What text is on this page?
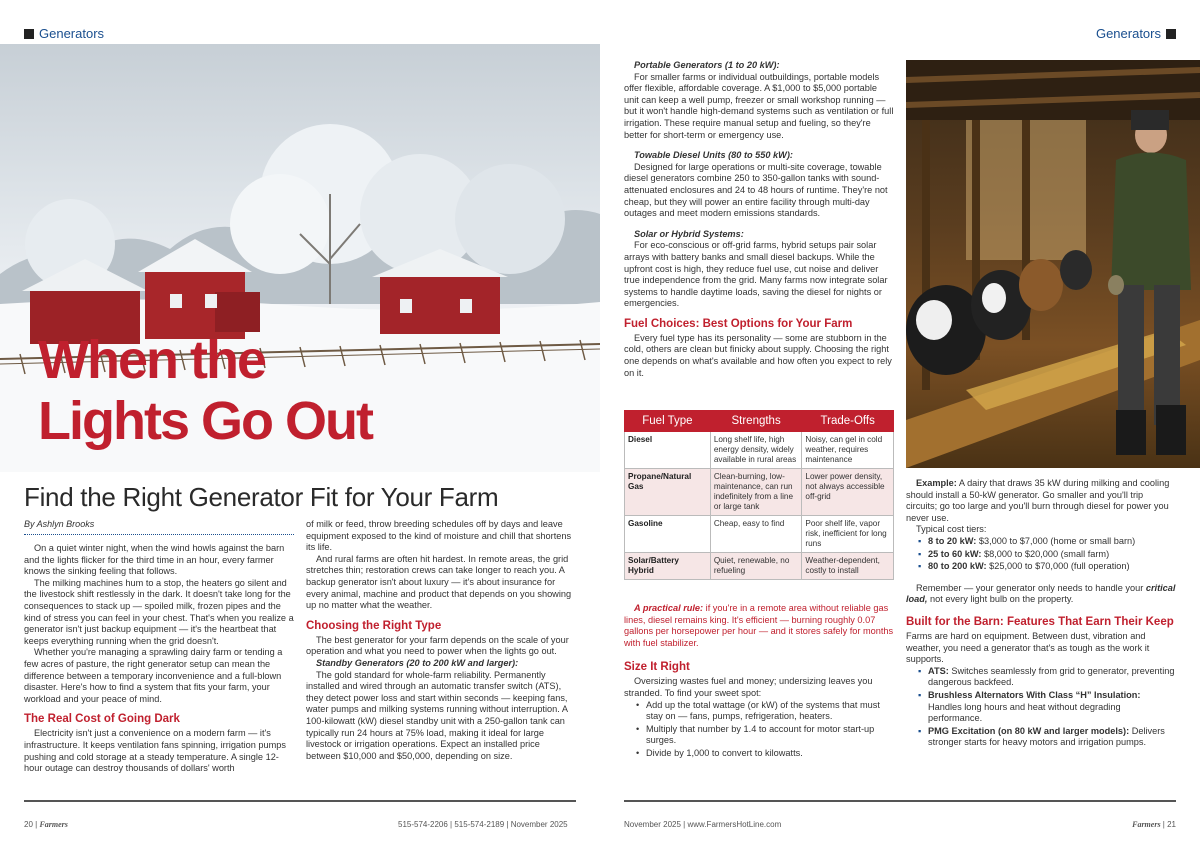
Generators
When the
Lights Go Out
Find the Right Generator Fit for Your Farm
By Ashlyn Brooks

On a quiet winter night, when the wind howls against the barn and the lights flicker for the third time in an hour, every farmer knows the sinking feeling that follows.

The milking machines hum to a stop, the heaters go silent and the livestock shift restlessly in the dark. It doesn't take long for the consequences to stack up — spoiled milk, frozen pipes and the kind of stress you can feel in your chest. That's when you realize a generator isn't just backup equipment — it's the heartbeat that keeps everything running when the grid doesn't.

Whether you're managing a sprawling dairy farm or tending a few acres of pasture, the right generator setup can mean the difference between a temporary inconvenience and a full-blown disaster. Here's how to find a system that fits your farm, your workload and your peace of mind.

The Real Cost of Going Dark

Electricity isn't just a convenience on a modern farm — it's infrastructure. It keeps ventilation fans spinning, irrigation pumps pushing and cold storage at a steady temperature. A single 12-hour outage can destroy thousands of dollars' worth

of milk or feed, throw breeding schedules off by days and leave equipment exposed to the kind of moisture and chill that shortens its life.

And rural farms are often hit hardest. In remote areas, the grid stretches thin; restoration crews can take longer to reach you. A backup generator isn't about luxury — it's about insurance for every animal, machine and product that depends on you showing up no matter what the weather.

Choosing the Right Type

The best generator for your farm depends on the scale of your operation and what you need to power when the lights go out.

Standby Generators (20 to 200 kW and larger):

The gold standard for whole-farm reliability. Permanently installed and wired through an automatic transfer switch (ATS), they detect power loss and start within seconds — keeping fans, water pumps and milking systems running without interruption. A 100-kilowatt (kW) diesel standby unit with a 250-gallon tank can typically run 24 hours at 75% load, making it ideal for large livestock or irrigation operations. Expect an installed price between $10,000 and $50,000, depending on size.

20 | Farmers	515-574-2206 | 515-574-2189 | November 2025
Generators
Portable Generators (1 to 20 kW):

For smaller farms or individual outbuildings, portable models offer flexible, affordable coverage. A $1,000 to $5,000 portable unit can keep a well pump, freezer or small workshop running — but it won't handle high-demand systems such as ventilation or full irrigation. These require manual setup and fueling, so they're better for short-term or emergency use.

Towable Diesel Units (80 to 550 kW):

Designed for large operations or multi-site coverage, towable diesel generators combine 250 to 350-gallon tanks with sound-attenuated enclosures and 24 to 48 hours of runtime. They're not cheap, but they will power an entire facility through multi-day outages and meet modern emissions standards.

Solar or Hybrid Systems:

For eco-conscious or off-grid farms, hybrid setups pair solar arrays with battery banks and small diesel backups. While the upfront cost is high, they reduce fuel use, cut noise and deliver true independence from the grid. Many farms now integrate solar systems to handle daytime loads, saving the diesel for nights or emergencies.

Fuel Choices: Best Options for Your Farm

Every fuel type has its personality — some are stubborn in the cold, others are clean but finicky about supply. Choosing the right one depends on what's available and how often you expect to rely on it.

Fuel Type	Strengths	Trade-Offs
Diesel	Long shelf life, high energy density, widely available in rural areas	Noisy, can gel in cold weather, requires maintenance
Propane/Natural Gas	Clean-burning, low-maintenance, can run indefinitely from a line or large tank	Lower power density, not always accessible off-grid
Gasoline	Cheap, easy to find	Poor shelf life, vapor risk, inefficient for long runs
Solar/Battery Hybrid	Quiet, renewable, no refueling	Weather-dependent, costly to install

A practical rule: if you're in a remote area without reliable gas lines, diesel remains king. It's efficient — burning roughly 0.07 gallons per horsepower per hour — and it stores safely for months with fuel stabilizer.

Size It Right

Oversizing wastes fuel and money; undersizing leaves you stranded. To find your sweet spot:

• Add up the total wattage (or kW) of the systems that must stay on — fans, pumps, refrigeration, heaters.
• Multiply that number by 1.4 to account for motor start-up surges.
• Divide by 1,000 to convert to kilowatts.

Example: A dairy that draws 35 kW during milking and cooling should install a 50-kW generator. Go smaller and you'll trip circuits; go too large and you'll burn through diesel for power you never use.

Typical cost tiers:

▪ 8 to 20 kW: $3,000 to $7,000 (home or small barn)
▪ 25 to 60 kW: $8,000 to $20,000 (small farm)
▪ 80 to 200 kW: $25,000 to $70,000 (full operation)

Remember — your generator only needs to handle your critical load, not every light bulb on the property.

Built for the Barn: Features That Earn Their Keep

Farms are hard on equipment. Between dust, vibration and weather, you need a generator that's as tough as the work it supports.

▪ ATS: Switches seamlessly from grid to generator, preventing dangerous backfeed.
▪ Brushless Alternators With Class “H” Insulation: Handles long hours and heat without degrading performance.
▪ PMG Excitation (on 80 kW and larger models): Delivers stronger starts for heavy motors and irrigation pumps.
November 2025 | www.FarmersHotLine.com	Farmers | 21
